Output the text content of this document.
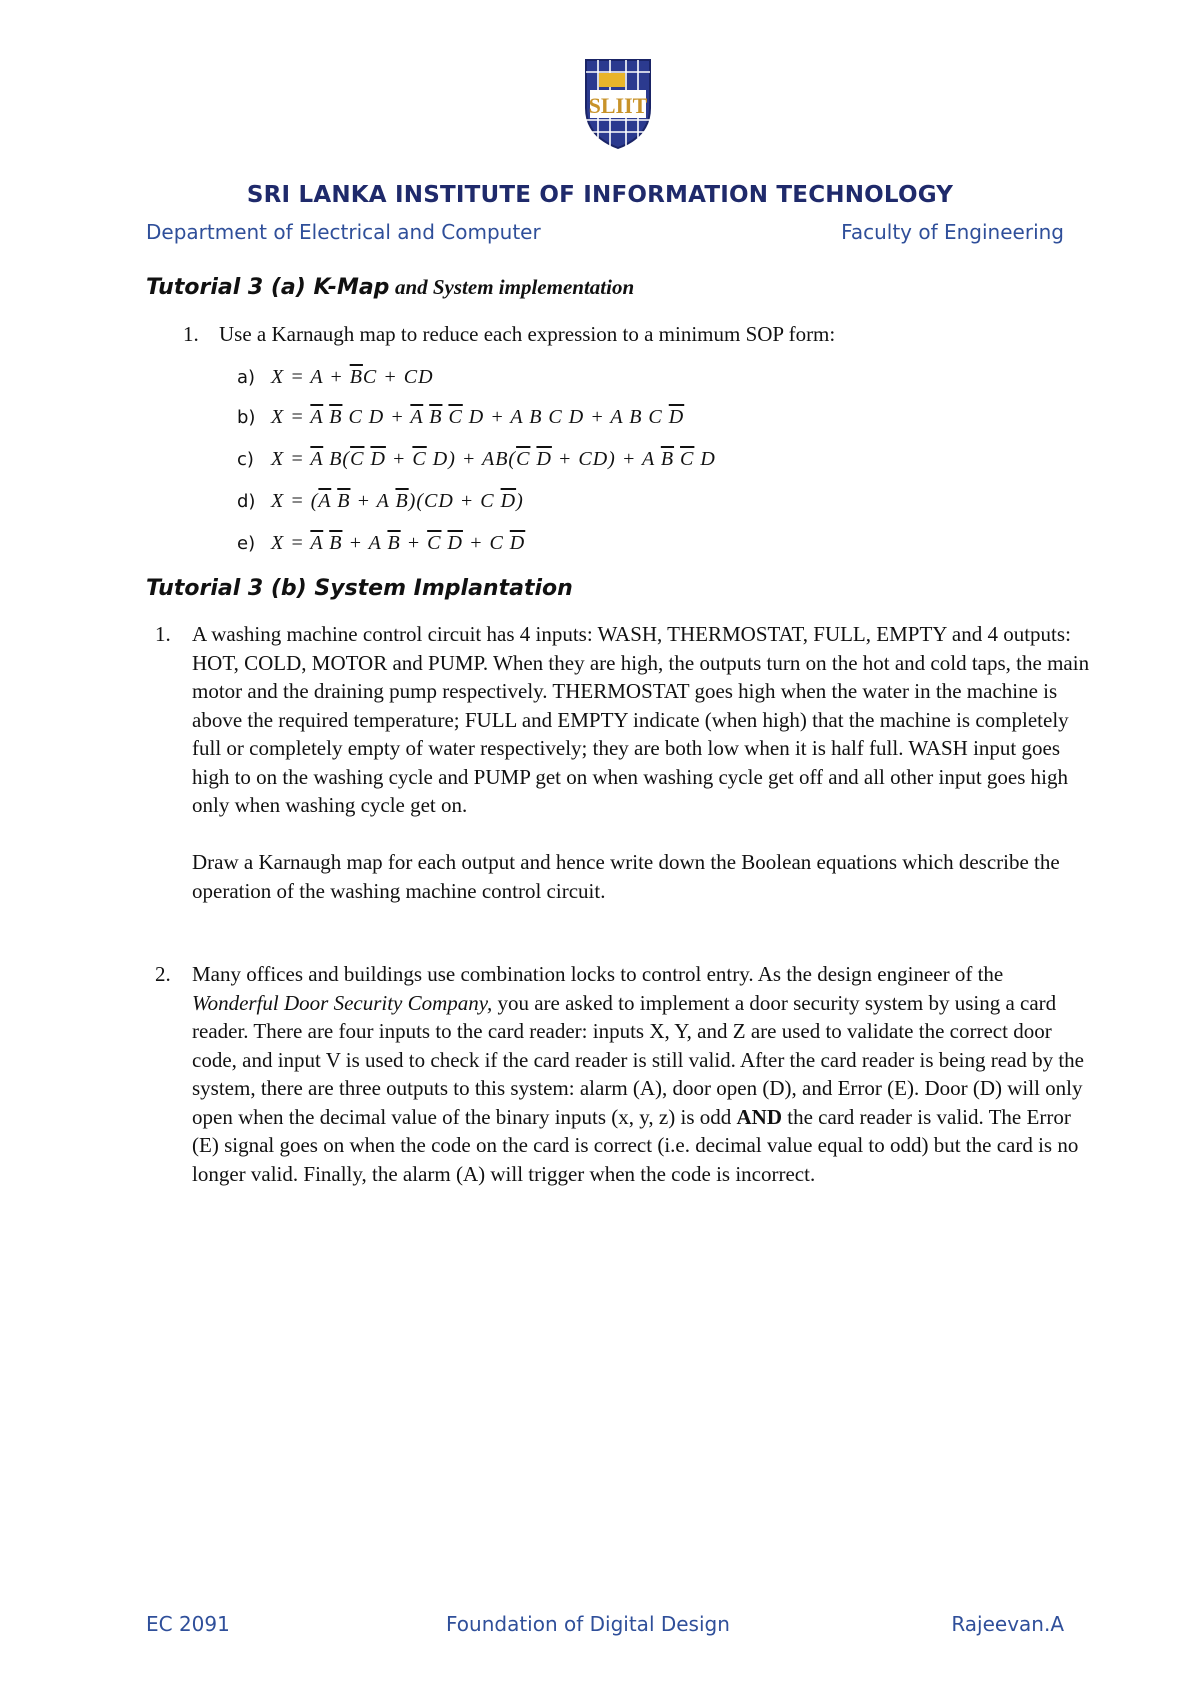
SLIIT
SRI LANKA INSTITUTE OF INFORMATION TECHNOLOGY
Department of Electrical and Computer	Faculty of Engineering
Tutorial 3 (a) K-Map and System implementation
1. Use a Karnaugh map to reduce each expression to a minimum SOP form:
a) $X = A + \overline{B}C$ + CD
b) $X = \overline{A}$ $\overline{B}$ C $D + \overline{A}$ $\overline{B}$ $\overline{C}$ D + A B C D + A B C $\overline{D}$
c) $X = \overline{A}$ $B(\overline{C}$ $\overline{D} + \overline{C}$ $D) + AB(\overline{C}$ $\overline{D} + CD) + A$ $\overline{B}$ $\overline{C}$ D
d) $X = (\overline{A}$ $\overline{B} + A$ $\overline{B})(CD + C$ $\overline{D}$)
e) $X = \overline{A}$ $\overline{B} + A$ $\overline{B} + \overline{C}$ $\overline{D} + C$ $\overline{D}$
Tutorial 3 (b) System Implantation
1. A washing machine control circuit has 4 inputs: WASH, THERMOSTAT, FULL, EMPTY and 4 outputs: HOT, COLD, MOTOR and PUMP. When they are high, the outputs turn on the hot and cold taps, the main motor and the draining pump respectively. THERMOSTAT goes high when the water in the machine is above the required temperature; FULL and EMPTY indicate (when high) that the machine is completely full or completely empty of water respectively; they are both low when it is half full. WASH input goes high to on the washing cycle and PUMP get on when washing cycle get off and all other input goes high only when washing cycle get on.

Draw a Karnaugh map for each output and hence write down the Boolean equations which describe the operation of the washing machine control circuit.

2. Many offices and buildings use combination locks to control entry. As the design engineer of the Wonderful Door Security Company, you are asked to implement a door security system by using a card reader. There are four inputs to the card reader: inputs X, Y, and Z are used to validate the correct door code, and input V is used to check if the card reader is still valid. After the card reader is being read by the system, there are three outputs to this system: alarm (A), door open (D), and Error (E). Door (D) will only open when the decimal value of the binary inputs (x, y, z) is odd AND the card reader is valid. The Error (E) signal goes on when the code on the card is correct (i.e. decimal value equal to odd) but the card is no longer valid. Finally, the alarm (A) will trigger when the code is incorrect.

EC 2091	Foundation of Digital Design	Rajeevan.A
